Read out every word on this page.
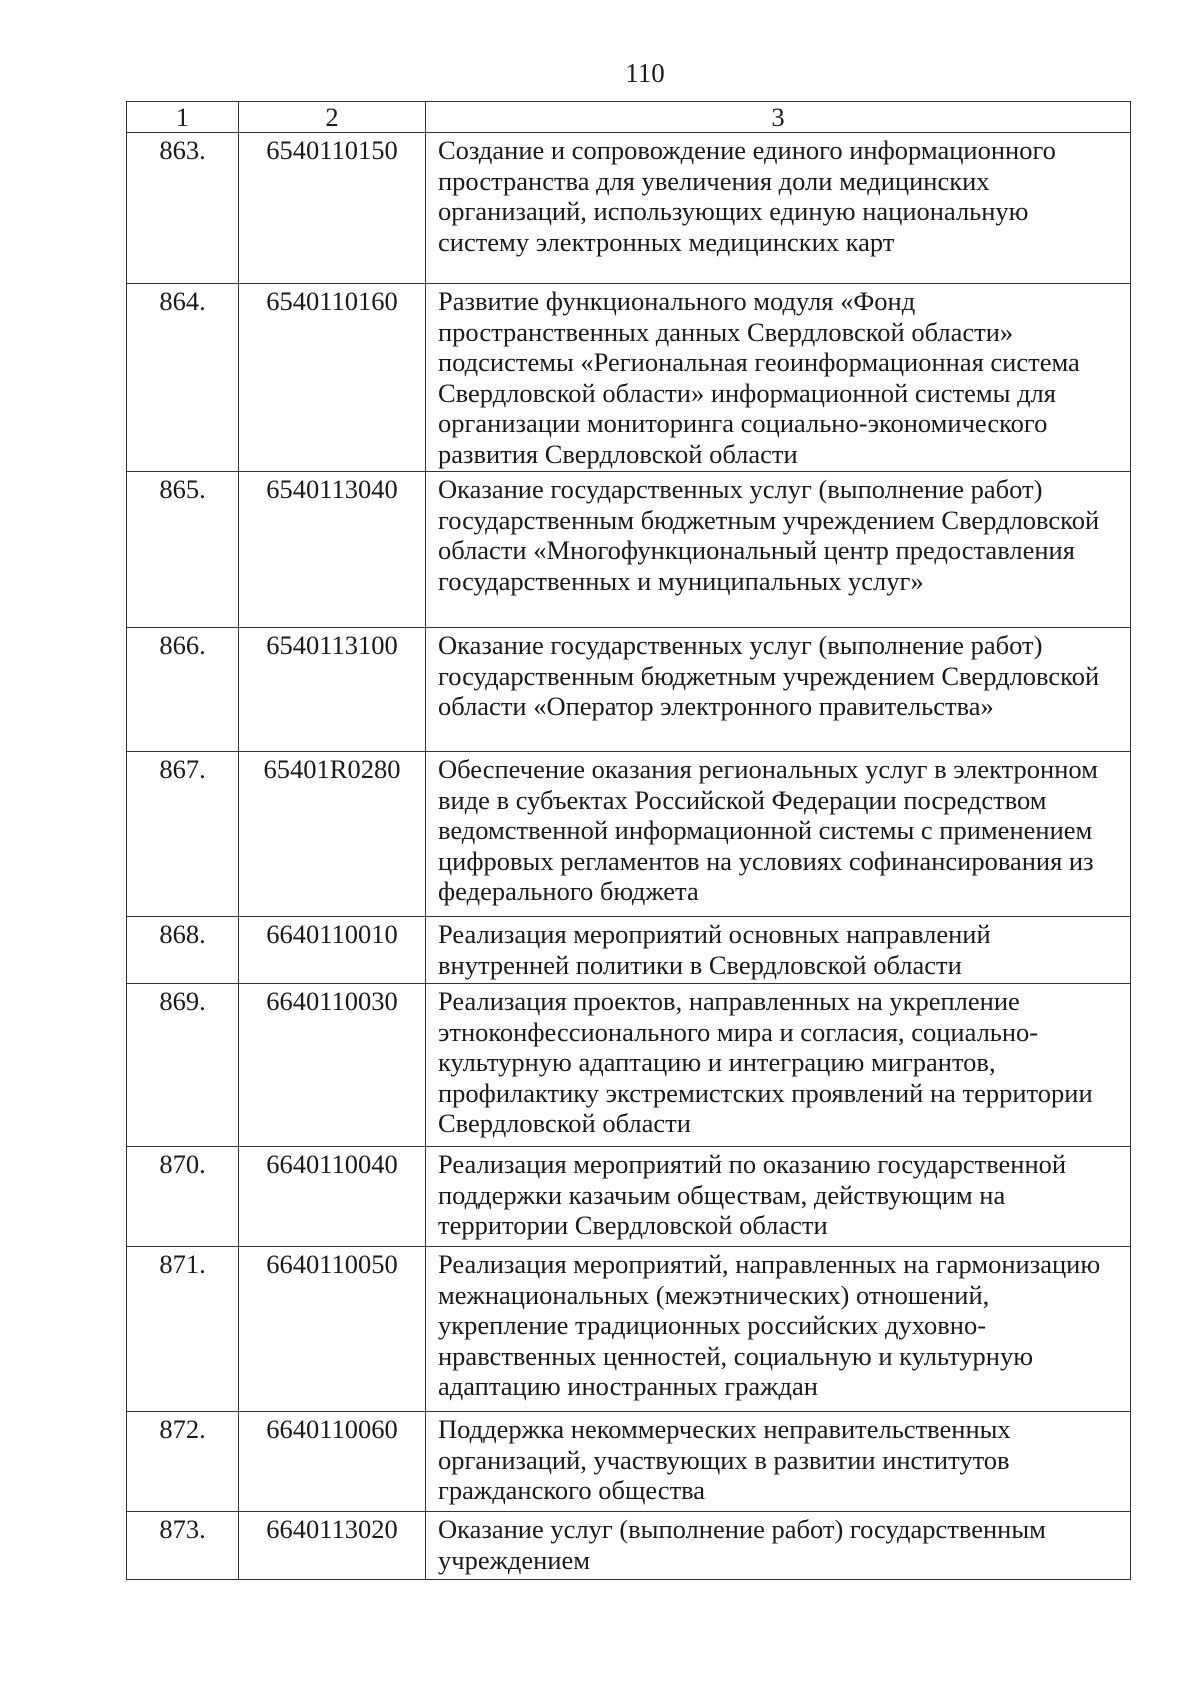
110
1	2	3
863.	6540110150	Создание и сопровождение единого информационного пространства для увеличения доли медицинских организаций, использующих единую национальную систему электронных медицинских карт
864.	6540110160	Развитие функционального модуля «Фонд пространственных данных Свердловской области» подсистемы «Региональная геоинформационная система Свердловской области» информационной системы для организации мониторинга социально-экономического развития Свердловской области
865.	6540113040	Оказание государственных услуг (выполнение работ) государственным бюджетным учреждением Свердловской области «Многофункциональный центр предоставления государственных и муниципальных услуг»
866.	6540113100	Оказание государственных услуг (выполнение работ) государственным бюджетным учреждением Свердловской области «Оператор электронного правительства»
867.	65401R0280	Обеспечение оказания региональных услуг в электронном виде в субъектах Российской Федерации посредством ведомственной информационной системы с применением цифровых регламентов на условиях софинансирования из федерального бюджета
868.	6640110010	Реализация мероприятий основных направлений внутренней политики в Свердловской области
869.	6640110030	Реализация проектов, направленных на укрепление этноконфессионального мира и согласия, социально-культурную адаптацию и интеграцию мигрантов, профилактику экстремистских проявлений на территории Свердловской области
870.	6640110040	Реализация мероприятий по оказанию государственной поддержки казачьим обществам, действующим на территории Свердловской области
871.	6640110050	Реализация мероприятий, направленных на гармонизацию межнациональных (межэтнических) отношений, укрепление традиционных российских духовно-нравственных ценностей, социальную и культурную адаптацию иностранных граждан
872.	6640110060	Поддержка некоммерческих неправительственных организаций, участвующих в развитии институтов гражданского общества
873.	6640113020	Оказание услуг (выполнение работ) государственным учреждением
